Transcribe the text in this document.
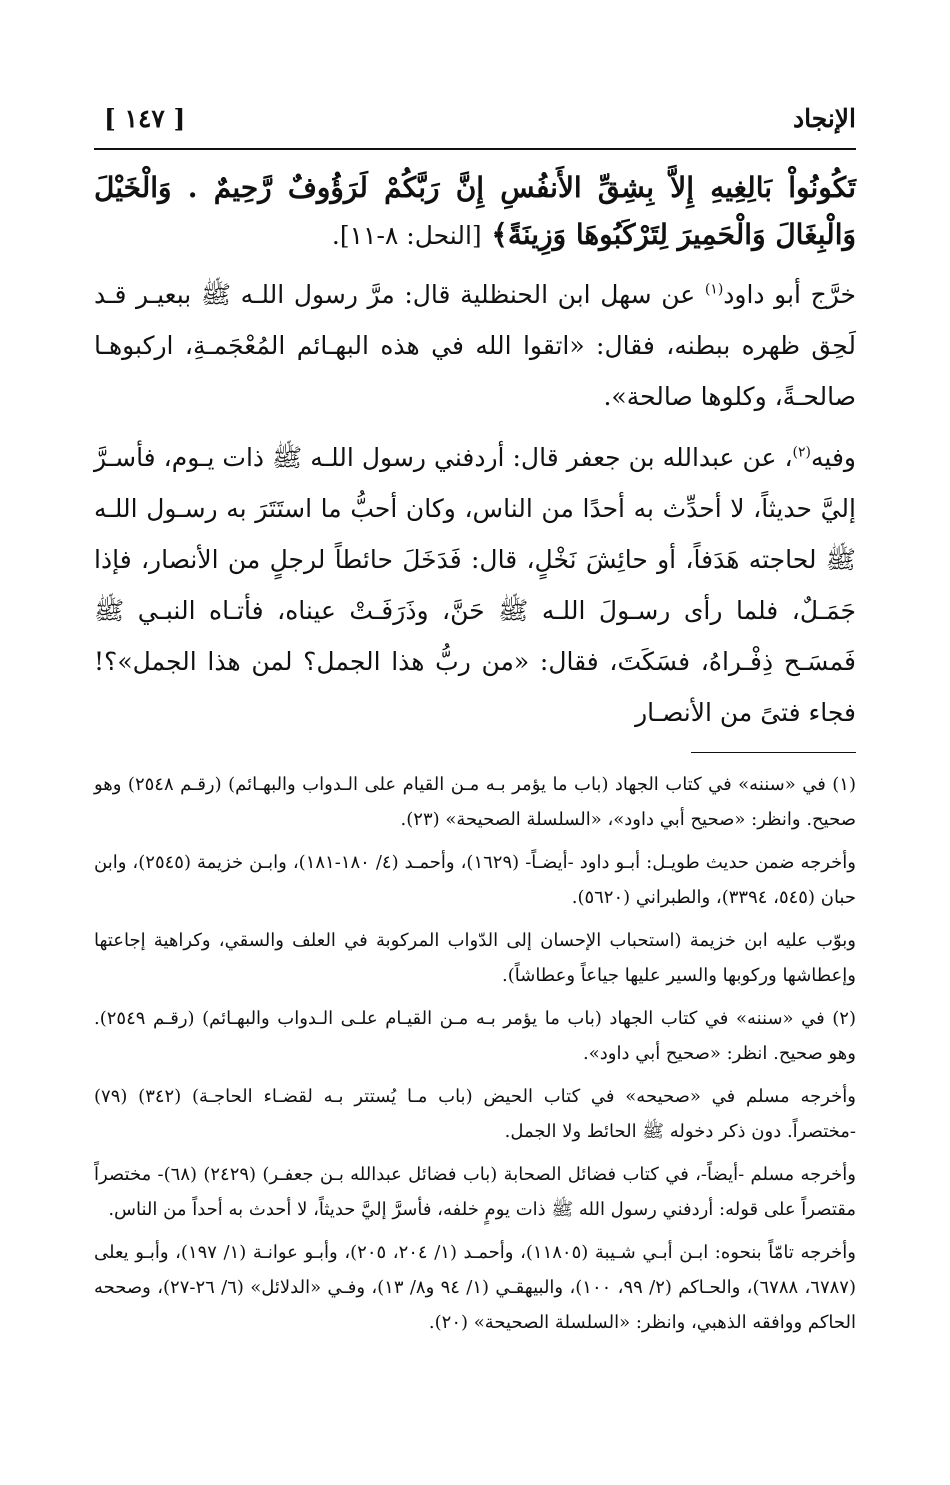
الإنجاد
[ ١٤٧ ]
تَكُونُواْ بَالِغِيهِ إِلاَّ بِشِقِّ الأَنفُسِ إِنَّ رَبَّكُمْ لَرَؤُوفٌ رَّحِيمٌ . وَالْخَيْلَ وَالْبِغَالَ وَالْحَمِيرَ لِتَرْكَبُوهَا وَزِينَةً﴾ [النحل: ٨-١١].
خرَّج أبو داود$^{(١)}$ عن سهل ابن الحنظلية قال: مرَّ رسول اللـه ﷺ ببعيـر قـد لَحِق ظهره ببطنه، فقال: «اتقوا الله في هذه البهـائم المُعْجَمـةِ، اركبوهـا صالحـةً، وكلوها صالحة».
وفيه$^{(٢)}$، عن عبدالله بن جعفر قال: أردفني رسول اللـه ﷺ ذات يـوم، فأسـرَّ إليَّ حديثاً، لا أحدِّث به أحدًا من الناس، وكان أحبُّ ما استَتَرَ به رسـول اللـه ﷺ لحاجته هَدَفاً، أو حائِشَ نَخْلٍ، قال: فَدَخَلَ حائطاً لرجلٍ من الأنصار، فإذا جَمَـلٌ، فلما رأى رسـولَ اللـه ﷺ حَنَّ، وذَرَفَـتْ عيناه، فأتـاه النبـي ﷺ فَمسَـح ذِفْـراهُ، فسَكَتَ، فقال: «من ربُّ هذا الجمل؟ لمن هذا الجمل»؟! فجاء فتىً من الأنصـار
(١) في «سننه» في كتاب الجهاد (باب ما يؤمر بـه مـن القيام على الـدواب والبهـائم) (رقـم ٢٥٤٨) وهو صحيح. وانظر: «صحيح أبي داود»، «السلسلة الصحيحة» (٢٣).
وأخرجه ضمن حديث طويـل: أبـو داود -أيضـاً- (١٦٢٩)، وأحمـد (٤/ ١٨٠-١٨١)، وابـن خزيمة (٢٥٤٥)، وابن حبان (٥٤٥، ٣٣٩٤)، والطبراني (٥٦٢٠).
وبوّب عليه ابن خزيمة (استحباب الإحسان إلى الدّواب المركوبة في العلف والسقي، وكراهية إجاعتها وإعطاشها وركوبها والسير عليها جياعاً وعطاشاً).
(٢) في «سننه» في كتاب الجهاد (باب ما يؤمر بـه مـن القيـام علـى الـدواب والبهـائم) (رقـم ٢٥٤٩). وهو صحيح. انظر: «صحيح أبي داود».
وأخرجه مسلم في «صحيحه» في كتاب الحيض (باب مـا يُستتر بـه لقضـاء الحاجـة) (٣٤٢) (٧٩) -مختصراً. دون ذكر دخوله ﷺ الحائط ولا الجمل.
وأخرجه مسلم -أيضاً-، في كتاب فضائل الصحابة (باب فضائل عبدالله بـن جعفـر) (٢٤٢٩) (٦٨)- مختصراً مقتصراً على قوله: أردفني رسول الله ﷺ ذات يومٍ خلفه، فأسرَّ إليَّ حديثاً، لا أحدث به أحداً من الناس.
وأخرجه تامّاً بنحوه: ابـن أبـي شـيبة (١١٨٠٥)، وأحمـد (١/ ٢٠٤، ٢٠٥)، وأبـو عوانـة (١/ ١٩٧)، وأبـو يعلى (٦٧٨٧، ٦٧٨٨)، والحـاكم (٢/ ٩٩، ١٠٠)، والبيهقـي (١/ ٩٤ و٨/ ١٣)، وفـي «الدلائل» (٦/ ٢٦-٢٧)، وصححه الحاكم ووافقه الذهبي، وانظر: «السلسلة الصحيحة» (٢٠).
